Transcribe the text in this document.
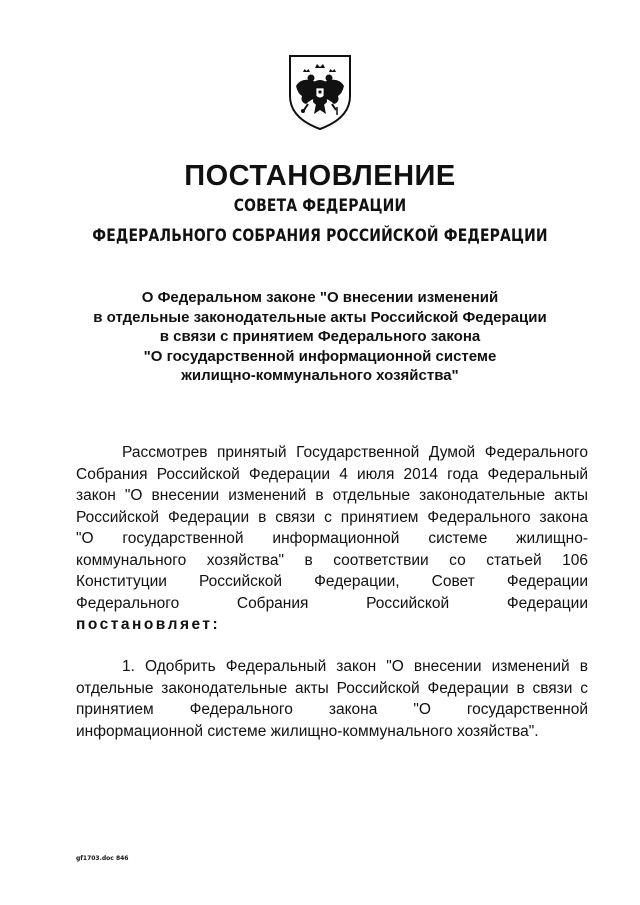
ПОСТАНОВЛЕНИЕ
СОВЕТА ФЕДЕРАЦИИ
ФЕДЕРАЛЬНОГО СОБРАНИЯ РОССИЙСКОЙ ФЕДЕРАЦИИ
О Федеральном законе "О внесении изменений
в отдельные законодательные акты Российской Федерации
в связи с принятием Федерального закона
"О государственной информационной системе
жилищно-коммунального хозяйства"
Рассмотрев принятый Государственной Думой Федерального
Собрания Российской Федерации 4 июля 2014 года Федеральный
закон "О внесении изменений в отдельные законодательные акты
Российской Федерации в связи с принятием Федерального закона
"О государственной информационной системе жилищно-
коммунального хозяйства" в соответствии со статьей 106
Конституции Российской Федерации, Совет Федерации
Федерального Собрания Российской Федерации
постановляет:
1. Одобрить Федеральный закон "О внесении изменений в
отдельные законодательные акты Российской Федерации в связи с
принятием Федерального закона "О государственной
информационной системе жилищно-коммунального хозяйства".
gf1703.doc 846
